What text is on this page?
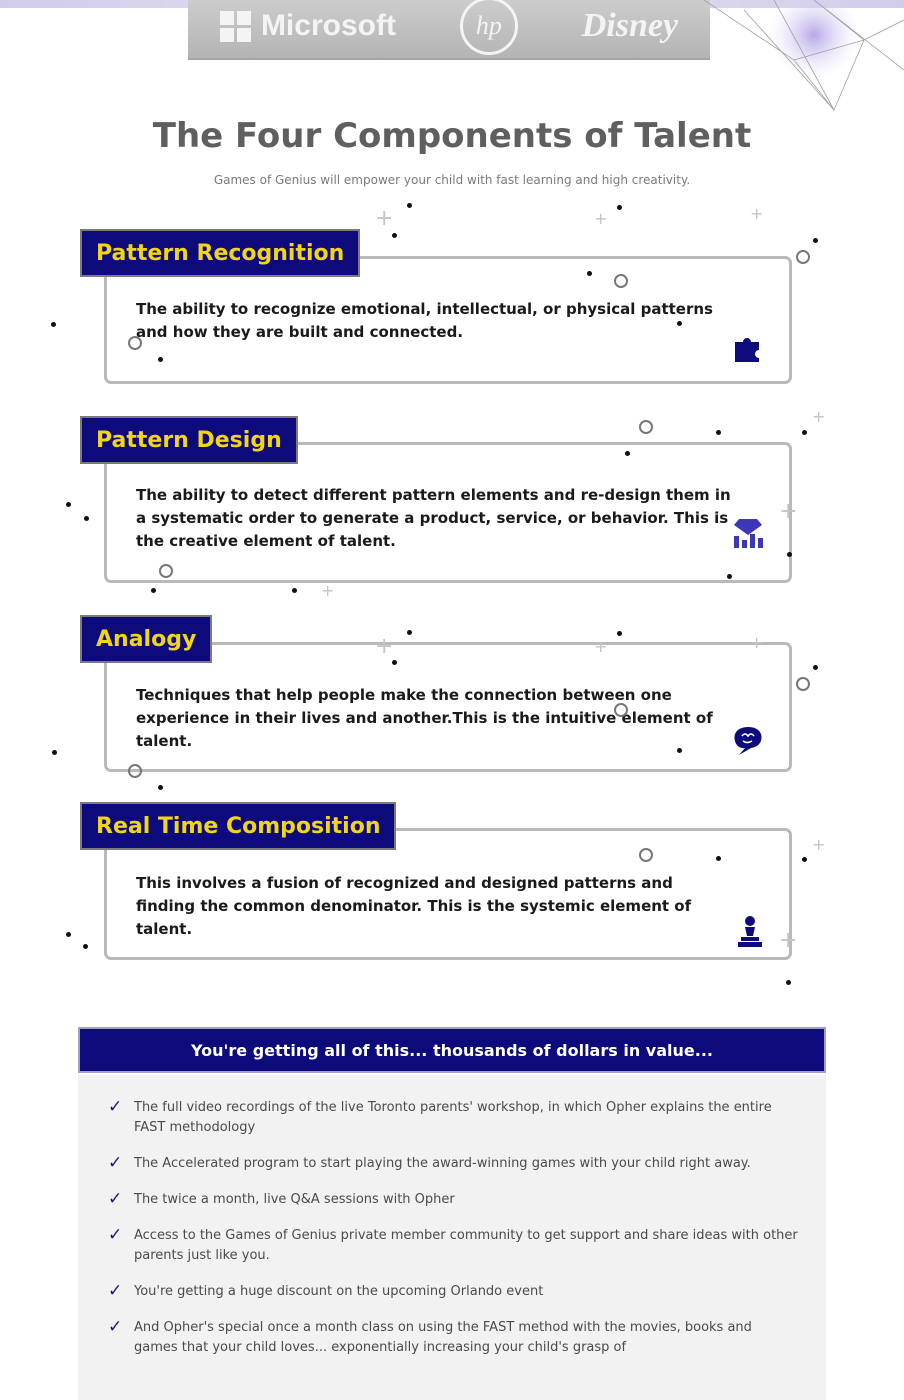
Microsoft	hp Disney
The Four Components of Talent

Games of Genius will empower your child with fast learning and high creativity.

Pattern Recognition

The ability to recognize emotional, intellectual, or physical patterns and how they are built and connected.

Pattern Design

The ability to detect different pattern elements and re-design them in a systematic order to generate a product, service, or behavior. This is the creative element of talent.

Analogy

Techniques that help people make the connection between one experience in their lives and another.This is the intuitive element of talent.

Real Time Composition

This involves a fusion of recognized and designed patterns and finding the common denominator. This is the systemic element of talent.

+	+	+
+
+
+
+	+	+
+
+
You're getting all of this... thousands of dollars in value...
✓ The full video recordings of the live Toronto parents' workshop, in which Opher explains the entire FAST methodology
✓ The Accelerated program to start playing the award-winning games with your child right away.
✓ The twice a month, live Q&A sessions with Opher
✓ Access to the Games of Genius private member community to get support and share ideas with other parents just like you.
✓ You're getting a huge discount on the upcoming Orlando event
✓ And Opher's special once a month class on using the FAST method with the movies, books and games that your child loves... exponentially increasing your child's grasp of
